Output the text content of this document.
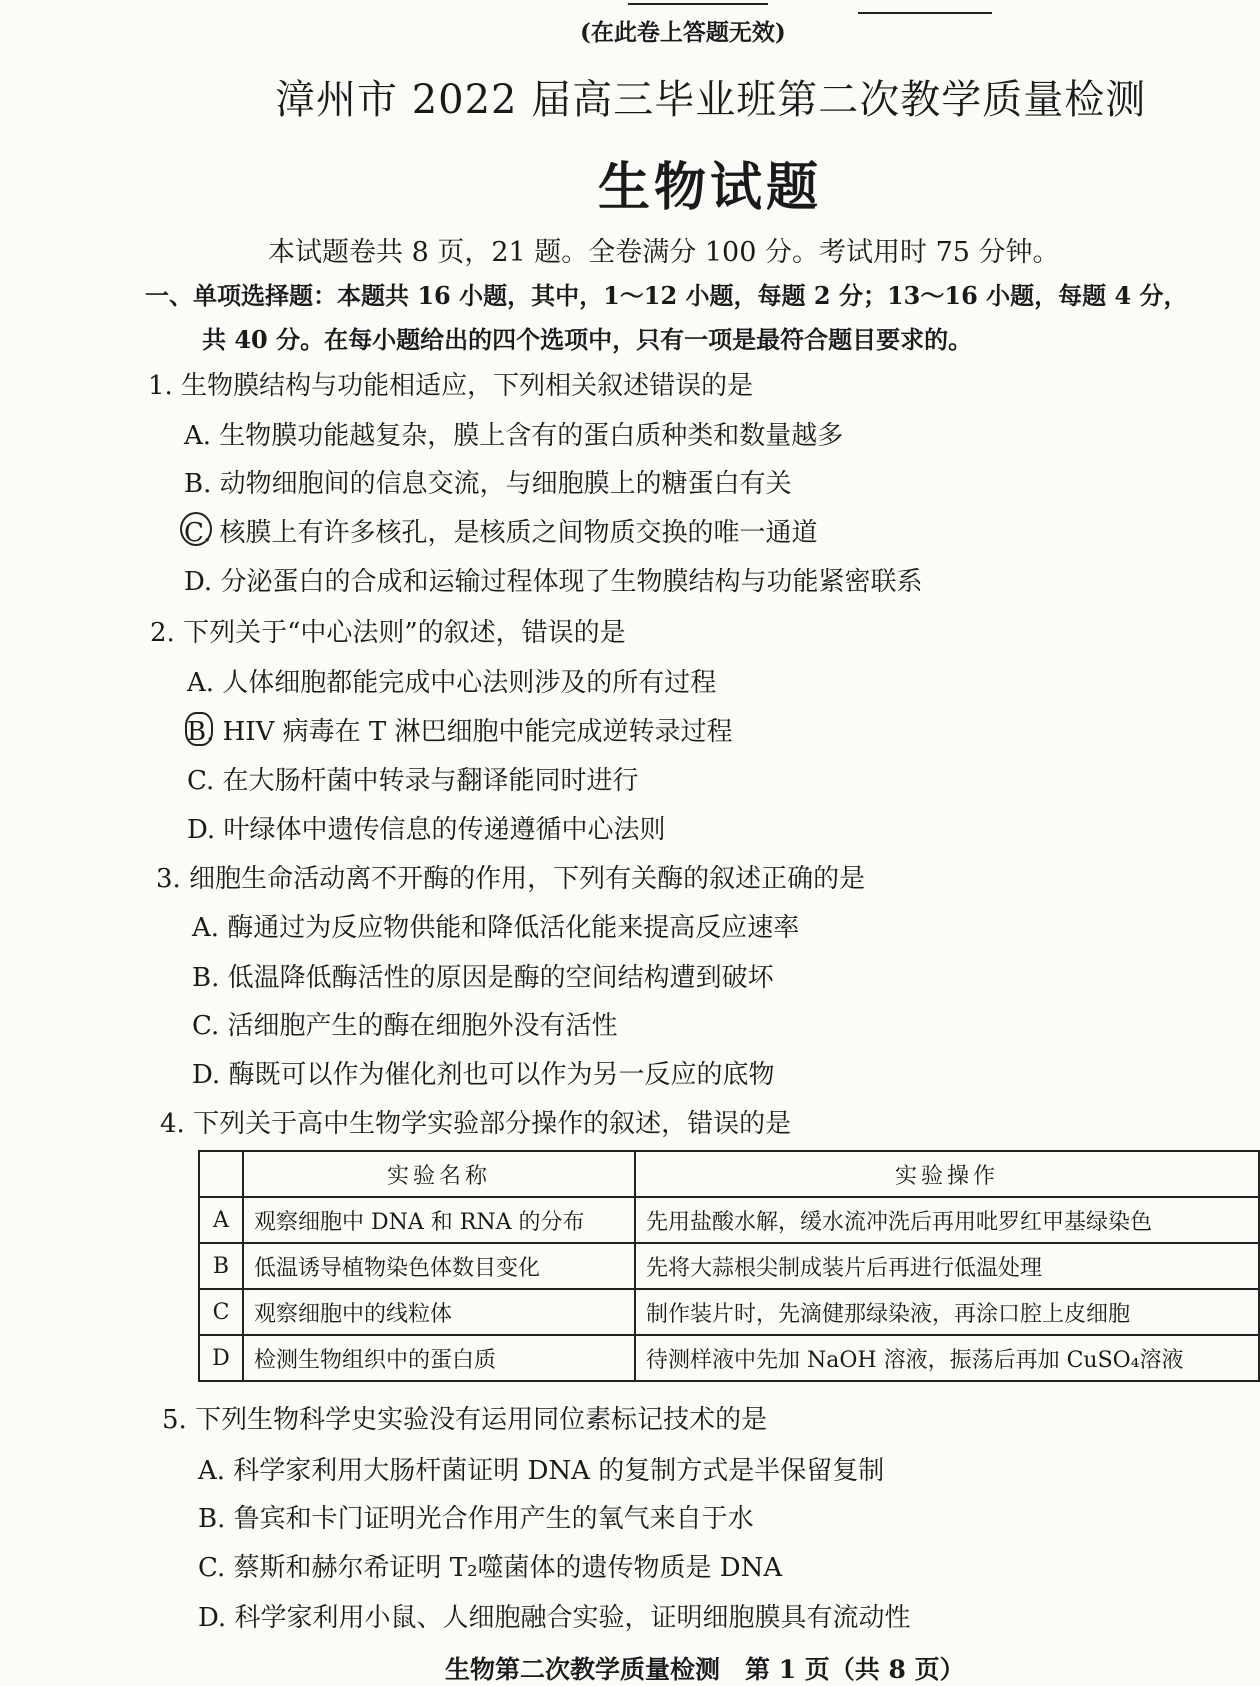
(在此卷上答题无效)
漳州市 2022 届高三毕业班第二次教学质量检测
生物试题
本试题卷共 8 页，21 题。全卷满分 100 分。考试用时 75 分钟。
一、单项选择题：本题共 16 小题，其中，1～12 小题，每题 2 分；13～16 小题，每题 4 分，
共 40 分。在每小题给出的四个选项中，只有一项是最符合题目要求的。
1. 生物膜结构与功能相适应，下列相关叙述错误的是
A. 生物膜功能越复杂，膜上含有的蛋白质种类和数量越多
B. 动物细胞间的信息交流，与细胞膜上的糖蛋白有关
C. 核膜上有许多核孔，是核质之间物质交换的唯一通道
D. 分泌蛋白的合成和运输过程体现了生物膜结构与功能紧密联系
2. 下列关于“中心法则”的叙述，错误的是
A. 人体细胞都能完成中心法则涉及的所有过程
B. HIV 病毒在 T 淋巴细胞中能完成逆转录过程
C. 在大肠杆菌中转录与翻译能同时进行
D. 叶绿体中遗传信息的传递遵循中心法则
3. 细胞生命活动离不开酶的作用，下列有关酶的叙述正确的是
A. 酶通过为反应物供能和降低活化能来提高反应速率
B. 低温降低酶活性的原因是酶的空间结构遭到破坏
C. 活细胞产生的酶在细胞外没有活性
D. 酶既可以作为催化剂也可以作为另一反应的底物
4. 下列关于高中生物学实验部分操作的叙述，错误的是
	实验名称	实验操作
A	观察细胞中 DNA 和 RNA 的分布	先用盐酸水解，缓水流冲洗后再用吡罗红甲基绿染色
B	低温诱导植物染色体数目变化	先将大蒜根尖制成装片后再进行低温处理
C	观察细胞中的线粒体	制作装片时，先滴健那绿染液，再涂口腔上皮细胞
D	检测生物组织中的蛋白质	待测样液中先加 NaOH 溶液，振荡后再加 CuSO₄溶液
5. 下列生物科学史实验没有运用同位素标记技术的是
A. 科学家利用大肠杆菌证明 DNA 的复制方式是半保留复制
B. 鲁宾和卡门证明光合作用产生的氧气来自于水
C. 蔡斯和赫尔希证明 T₂噬菌体的遗传物质是 DNA
D. 科学家利用小鼠、人细胞融合实验，证明细胞膜具有流动性
生物第二次教学质量检测　第 1 页（共 8 页）
